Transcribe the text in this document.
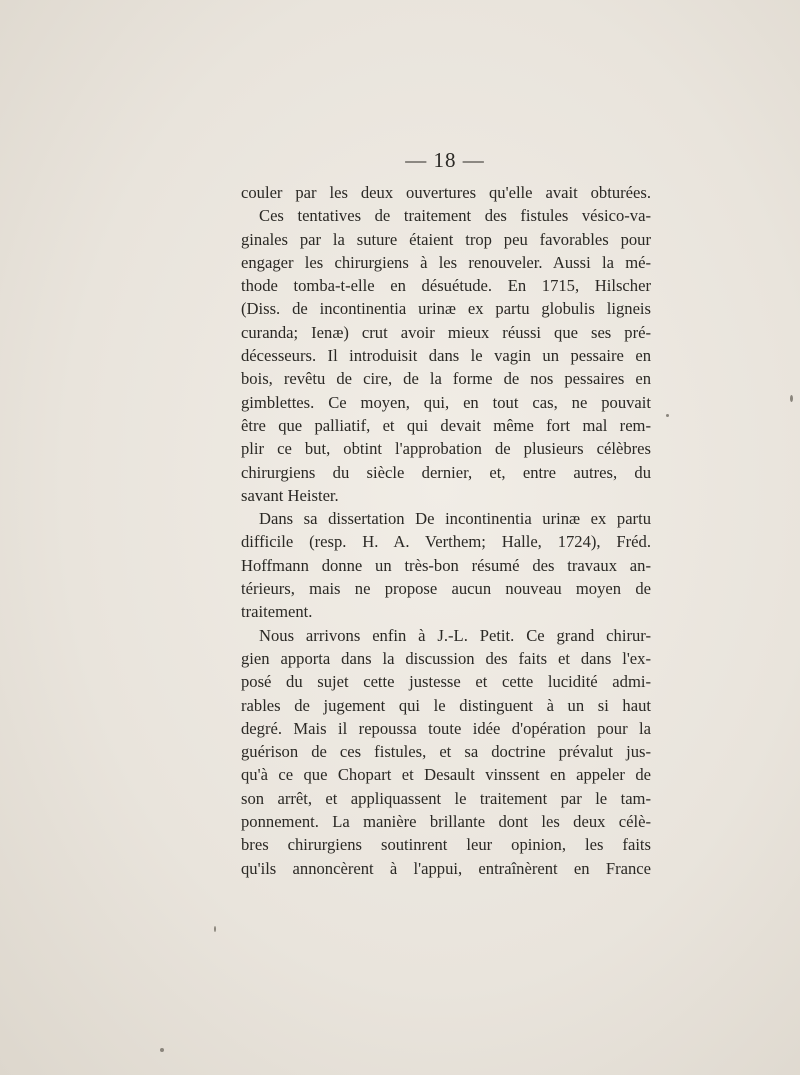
— 18 —
couler par les deux ouvertures qu'elle avait obturées.
Ces tentatives de traitement des fistules vésico-va-
ginales par la suture étaient trop peu favorables pour
engager les chirurgiens à les renouveler. Aussi la mé-
thode tomba-t-elle en désuétude. En 1715, Hilscher
(Diss. de incontinentia urinæ ex partu globulis ligneis
curanda; Ienæ) crut avoir mieux réussi que ses pré-
décesseurs. Il introduisit dans le vagin un pessaire en
bois, revêtu de cire, de la forme de nos pessaires en
gimblettes. Ce moyen, qui, en tout cas, ne pouvait
être que palliatif, et qui devait même fort mal rem-
plir ce but, obtint l'approbation de plusieurs célèbres
chirurgiens du siècle dernier, et, entre autres, du
savant Heister.
Dans sa dissertation De incontinentia urinæ ex partu
difficile (resp. H. A. Verthem; Halle, 1724), Fréd.
Hoffmann donne un très-bon résumé des travaux an-
térieurs, mais ne propose aucun nouveau moyen de
traitement.
Nous arrivons enfin à J.-L. Petit. Ce grand chirur-
gien apporta dans la discussion des faits et dans l'ex-
posé du sujet cette justesse et cette lucidité admi-
rables de jugement qui le distinguent à un si haut
degré. Mais il repoussa toute idée d'opération pour la
guérison de ces fistules, et sa doctrine prévalut jus-
qu'à ce que Chopart et Desault vinssent en appeler de
son arrêt, et appliquassent le traitement par le tam-
ponnement. La manière brillante dont les deux célè-
bres chirurgiens soutinrent leur opinion, les faits
qu'ils annoncèrent à l'appui, entraînèrent en France
